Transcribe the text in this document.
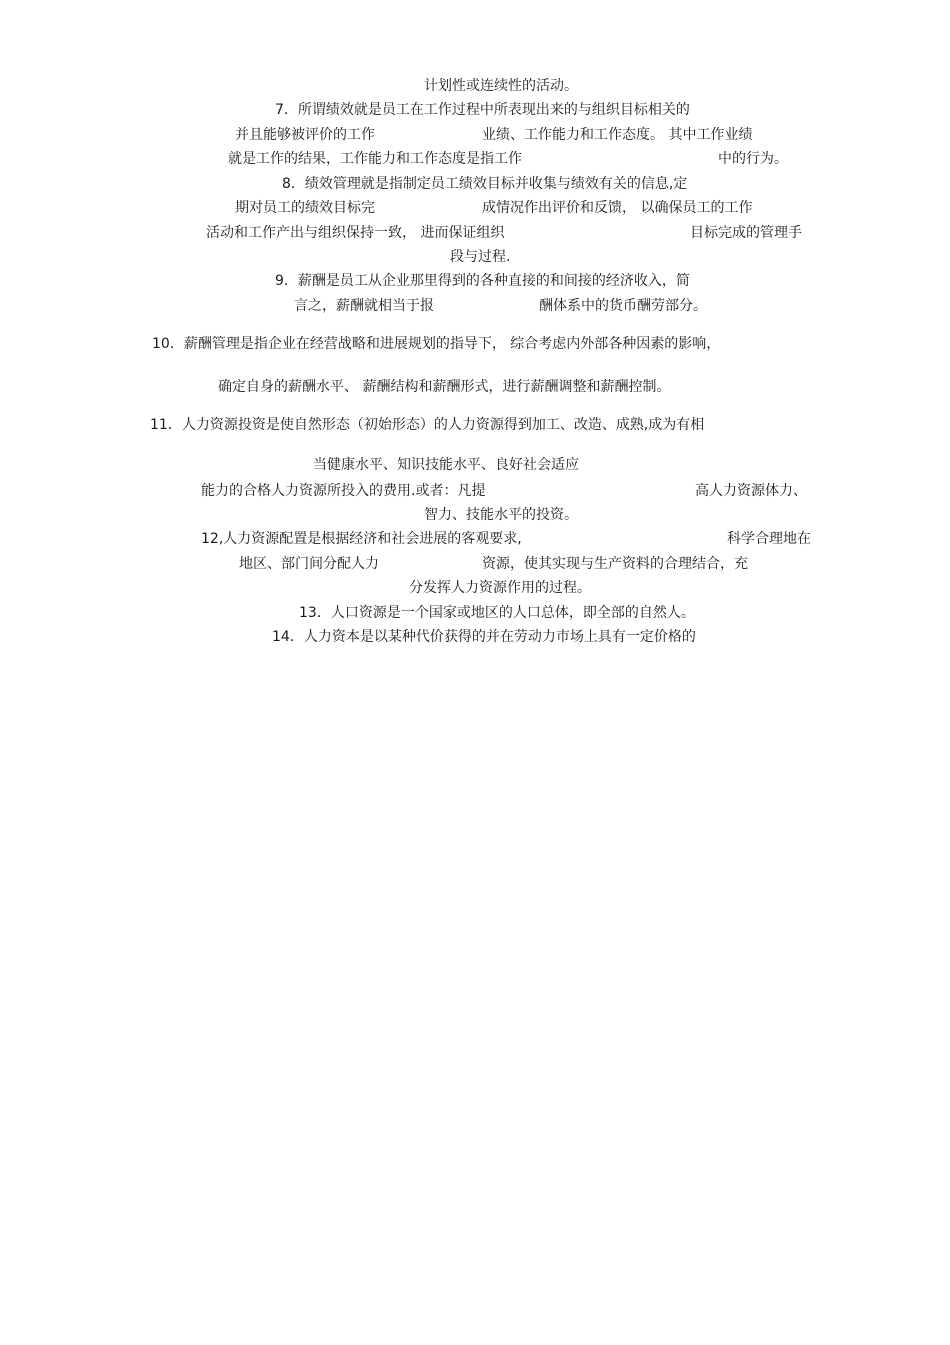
计划性或连续性的活动。
7．所谓绩效就是员工在工作过程中所表现出来的与组织目标相关的
并且能够被评价的工作	业绩、工作能力和工作态度。 其中工作业绩
就是工作的结果，工作能力和工作态度是指工作	中的行为。
8．绩效管理就是指制定员工绩效目标并收集与绩效有关的信息,定
期对员工的绩效目标完	成情况作出评价和反馈， 以确保员工的工作
活动和工作产出与组织保持一致， 进而保证组织	目标完成的管理手
段与过程.
9．薪酬是员工从企业那里得到的各种直接的和间接的经济收入，简
言之，薪酬就相当于报	酬体系中的货币酬劳部分。
10．薪酬管理是指企业在经营战略和进展规划的指导下， 综合考虑内外部各种因素的影响，
确定自身的薪酬水平、 薪酬结构和薪酬形式，进行薪酬调整和薪酬控制。
11．人力资源投资是使自然形态（初始形态）的人力资源得到加工、改造、成熟,成为有相
当健康水平、知识技能水平、良好社会适应
能力的合格人力资源所投入的费用.或者：凡提	高人力资源体力、
智力、技能水平的投资。
12,人力资源配置是根据经济和社会进展的客观要求,	科学合理地在
地区、部门间分配人力	资源，使其实现与生产资料的合理结合，充
分发挥人力资源作用的过程。
13．人口资源是一个国家或地区的人口总体，即全部的自然人。
14．人力资本是以某种代价获得的并在劳动力市场上具有一定价格的
